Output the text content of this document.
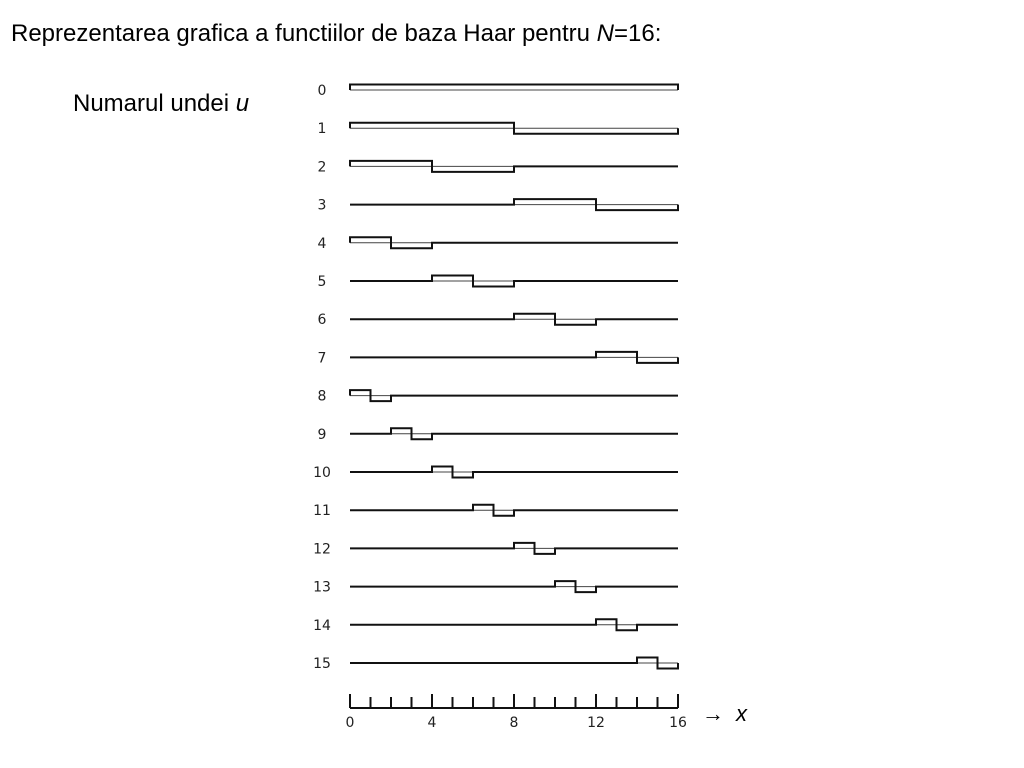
Reprezentarea grafica a functiilor de baza Haar pentru N=16:
Numarul undei u	0
1
2
3
4
5
6
7
8
9
10
11
12
13
14
15
0	4	8	12	16 → x
